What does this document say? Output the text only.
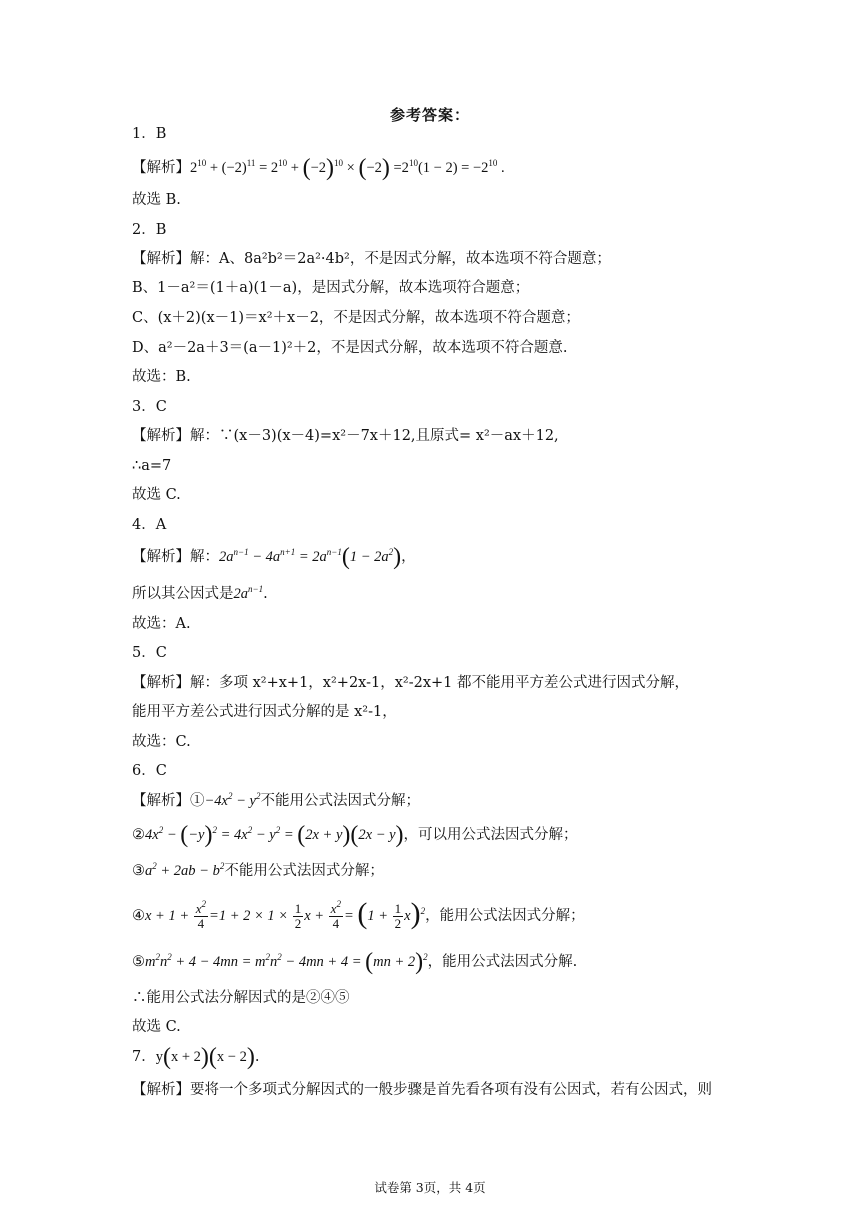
参考答案：
1．B
【解析】$2^{10} + (-2)^{11} = 2^{10} + (-2)^{10} \times (-2) =2^{10}(1 - 2) = -2^{10}$ .
故选 B.
2．B
【解析】解：A、8a²b²＝2a²·4b²，不是因式分解，故本选项不符合题意；
B、1－a²＝(1＋a)(1－a)，是因式分解，故本选项符合题意；
C、(x＋2)(x－1)＝x²＋x－2，不是因式分解，故本选项不符合题意；
D、a²－2a＋3＝(a－1)²＋2，不是因式分解，故本选项不符合题意.
故选：B.
3．C
【解析】解：∵(x－3)(x－4)=x²－7x＋12,且原式= x²－ax＋12,
∴a=7
故选 C.
4．A
【解析】解：$2a^{n-1} - 4a^{n+1} = 2a^{n-1}(1 - 2a^2)$，
所以其公因式是$2a^{n-1}$.
故选：A.
5．C
【解析】解：多项 x²+x+1，x²+2x-1，x²-2x+1 都不能用平方差公式进行因式分解，
能用平方差公式进行因式分解的是 x²-1，
故选：C.
6．C
【解析】$①-4x^2 - y^2$不能用公式法因式分解；
$②4x^2 - (-y)^2 = 4x^2 - y^2 = (2x + y)(2x - y)$，可以用公式法因式分解；
$③a^2 + 2ab - b^2$不能用公式法因式分解；
④x + $1 + \frac{x^2}{4} =1 + 2 \times 1 \times \frac{1}{2}$ $x + \frac{x^2}{4} = (1 + \frac{1}{2} x)^2$，能用公式法因式分解；
$⑤m^2n^2 + 4 - 4mn = m^2n^2 - 4mn + 4 = (mn + 2)^2$，能用公式法因式分解.
∴能用公式法分解因式的是②④⑤
故选 C.
7．y(x + 2)(x − 2).
【解析】要将一个多项式分解因式的一般步骤是首先看各项有没有公因式，若有公因式，则
试卷第 3页，共 4页
